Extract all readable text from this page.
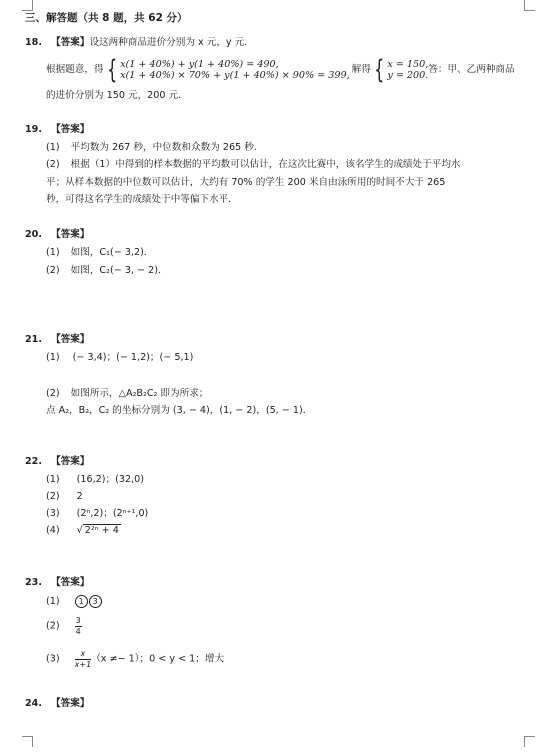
三、解答题（共 8 题，共 62 分）
18. 【答案】设这两种商品进价分别为 x 元，y 元．
根据题意，得 { x(1 + 40%) + y(1 + 40%) = 490,
x(1 + 40%) × 70% + y(1 + 40%) × 90% = 399,
解得 { x = 150,
y = 200.
答：甲、乙两种商品
的进价分别为 150 元，200 元．
19. 【答案】
(1) 平均数为 267 秒，中位数和众数为 265 秒．
(2) 根据（1）中得到的样本数据的平均数可以估计，在这次比赛中，该名学生的成绩处于平均水
平；从样本数据的中位数可以估计，大约有 70% 的学生 200 米自由泳所用的时间不大于 265
秒，可得这名学生的成绩处于中等偏下水平．
20. 【答案】
(1) 如图，C₁(− 3,2)．
(2) 如图，C₂(− 3, − 2)．
21. 【答案】
(1) (− 3,4)；(− 1,2)；(− 5,1)
(2) 如图所示，△A₂B₂C₂ 即为所求；
点 A₂，B₂，C₂ 的坐标分别为 (3, − 4)，(1, − 2)，(5, − 1)．
22. 【答案】
(1) (16,2)；(32,0)
(2) 2
(3) (2ⁿ,2)；(2ⁿ⁺¹,0)
(4) √ 2²ⁿ + 4
23. 【答案】
(1) 1 3
$(2) \frac{3}{4}$
$(3) \frac{x}{x+1} (x \ne- 1)$；0 < y < 1；增大
24. 【答案】
